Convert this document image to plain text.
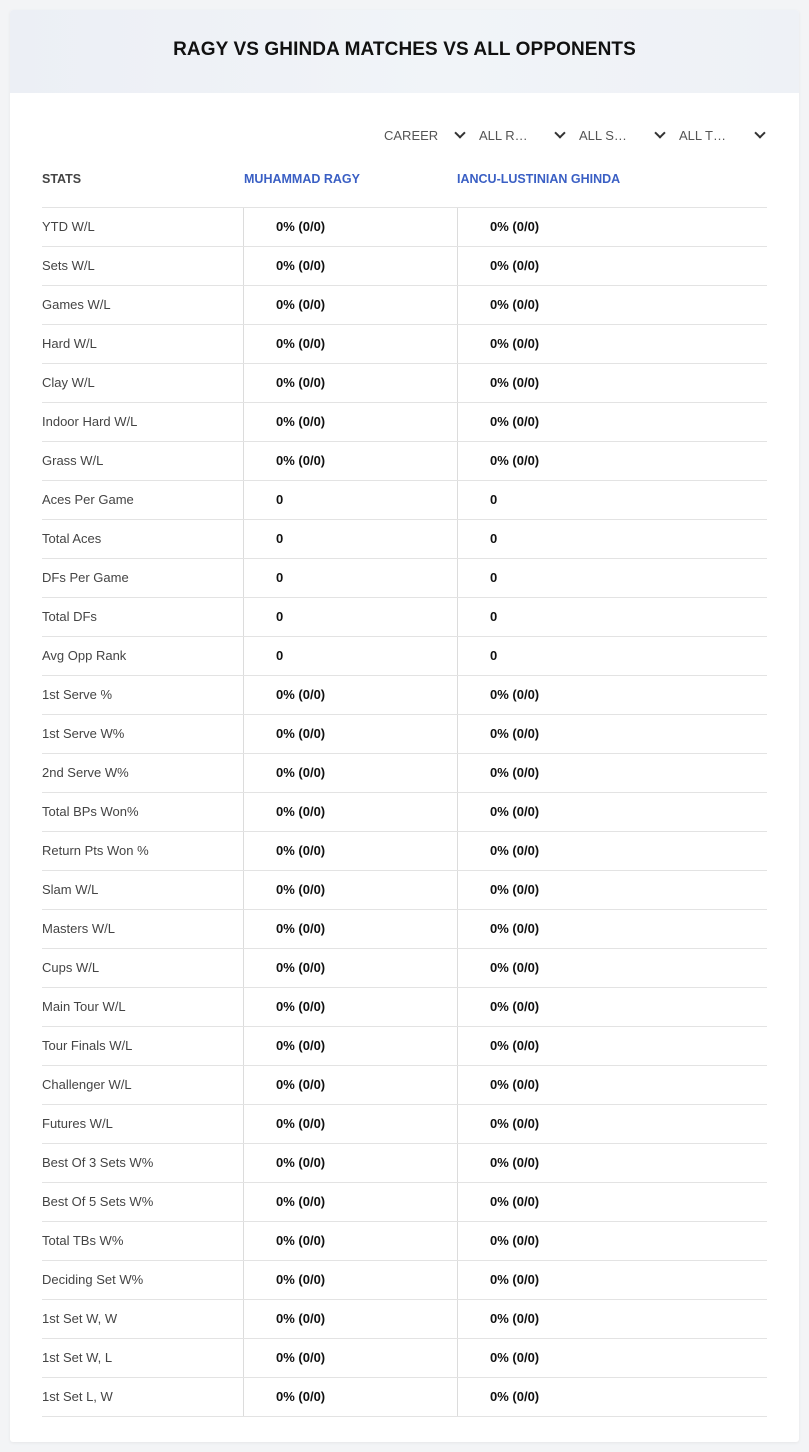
RAGY VS GHINDA MATCHES VS ALL OPPONENTS
CAREER	ALL R…	ALL S…	ALL T…
STATS	MUHAMMAD RAGY	IANCU-LUSTINIAN GHINDA
YTD W/L	0% (0/0)	0% (0/0)
Sets W/L	0% (0/0)	0% (0/0)
Games W/L	0% (0/0)	0% (0/0)
Hard W/L	0% (0/0)	0% (0/0)
Clay W/L	0% (0/0)	0% (0/0)
Indoor Hard W/L	0% (0/0)	0% (0/0)
Grass W/L	0% (0/0)	0% (0/0)
Aces Per Game	0	0
Total Aces	0	0
DFs Per Game	0	0
Total DFs	0	0
Avg Opp Rank	0	0
1st Serve %	0% (0/0)	0% (0/0)
1st Serve W%	0% (0/0)	0% (0/0)
2nd Serve W%	0% (0/0)	0% (0/0)
Total BPs Won%	0% (0/0)	0% (0/0)
Return Pts Won %	0% (0/0)	0% (0/0)
Slam W/L	0% (0/0)	0% (0/0)
Masters W/L	0% (0/0)	0% (0/0)
Cups W/L	0% (0/0)	0% (0/0)
Main Tour W/L	0% (0/0)	0% (0/0)
Tour Finals W/L	0% (0/0)	0% (0/0)
Challenger W/L	0% (0/0)	0% (0/0)
Futures W/L	0% (0/0)	0% (0/0)
Best Of 3 Sets W%	0% (0/0)	0% (0/0)
Best Of 5 Sets W%	0% (0/0)	0% (0/0)
Total TBs W%	0% (0/0)	0% (0/0)
Deciding Set W%	0% (0/0)	0% (0/0)
1st Set W, W	0% (0/0)	0% (0/0)
1st Set W, L	0% (0/0)	0% (0/0)
1st Set L, W	0% (0/0)	0% (0/0)
